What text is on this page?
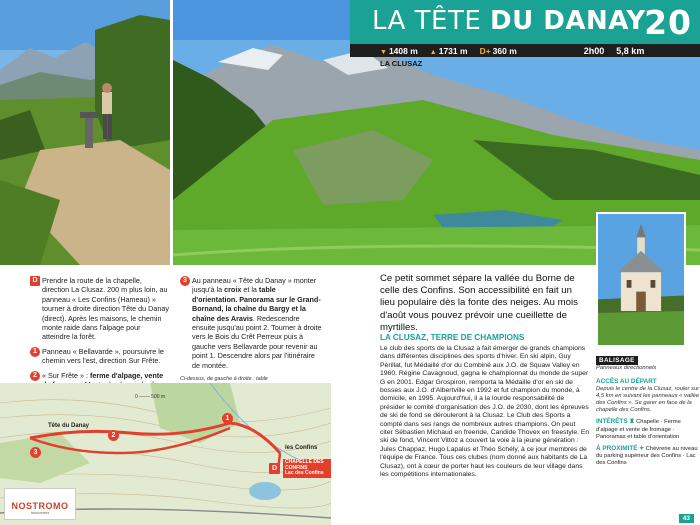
LA TÊTE DU DANAY
20
▼ 1408 m ▲ 1731 m D+ 360 m	2h00 5,8 km
LA CLUSAZ
D Prendre la route de la chapelle, direction La Clusaz. 200 m plus loin, au panneau « Les Confins (Hameau) » tourner à droite direction Tête du Danay (direct). Après les maisons, le chemin monte raide dans l'alpage pour atteindre la forêt.
1 Panneau « Bellavarde », poursuivre le chemin vers l'est, direction Sur Frête.
2 « Sur Frête » : ferme d'alpage, vente
3 Au panneau « Tête du Danay » monter jusqu'à la croix et la table d'orientation. Panorama sur le Grand-Bornand, la chaîne du Bargy et la chaîne des Aravis. Redescendre ensuite jusqu'au point 2. Tourner à droite vers le Bois du Crêt Perreux puis à gauche vers Bellavarde pour revenir au point 1. Descendre alors par l'itinéraire de montée.
Ci-dessus, de gauche à droite : table
Tête du Danay
les Confins
2
1
3
D
CHAPELLE DES CONFINS
Lac des Confins
0 ─── 500 m
NOSTROMO
randonnées
Ce petit sommet sépare la vallée du Borne de celle des Confins. Son accessibilité en fait un lieu populaire dès la fonte des neiges. Au mois d'août vous pouvez prévoir une cueillette de myrtilles.
LA CLUSAZ, TERRE DE CHAMPIONS
Le club des sports de la Clusaz a fait émerger de grands champions dans différentes disciplines des sports d'hiver. En ski alpin, Guy Périllat, fut Médaillé d'or du Combiné aux J.O. de Squaw Valley en 1960. Régine Cavagnoud, gagna le championnat du monde de super G en 2001. Edgar Grospiron, remporta la Médaille d'or en ski de bosses aux J.O. d'Albertville en 1992 et fut champion du monde, à domicile, en 1995. Aujourd'hui, il a la lourde responsabilité de présider le comité d'organisation des J.O. de 2030, dont les épreuves de ski de fond se dérouleront à la Clusaz. Le Club des Sports a compté dans ses rangs de nombreux autres champions. On peut citer Sébastien Michaud en freeride, Candide Thovex en freestyle. En ski de fond, Vincent Vittoz a couvert la voie à la jeune génération : Jules Chappaz, Hugo Lapalus et Théo Schély, à ce jour membres de l'équipe de France. Tous ces clubes (nom donné aux habitants de La Clusaz), ont à cœur de porter haut les couleurs de leur village dans les compétitions internationales.
BALISAGE
Panneaux directionnels
ACCÈS AU DÉPART
Depuis le centre de la Clusaz, rouler sur 4,5 km en suivant les panneaux « vallée des Confins ». Se garer en face de la chapelle des Confins.
INTÉRÊTS ♜ Chapelle · Ferme d'alpage et vente de fromage · Panoramas et table d'orientation
À PROXIMITÉ ✦ Chèvrerie au niveau du parking supérieur des Confins · Lac des Confins
43
